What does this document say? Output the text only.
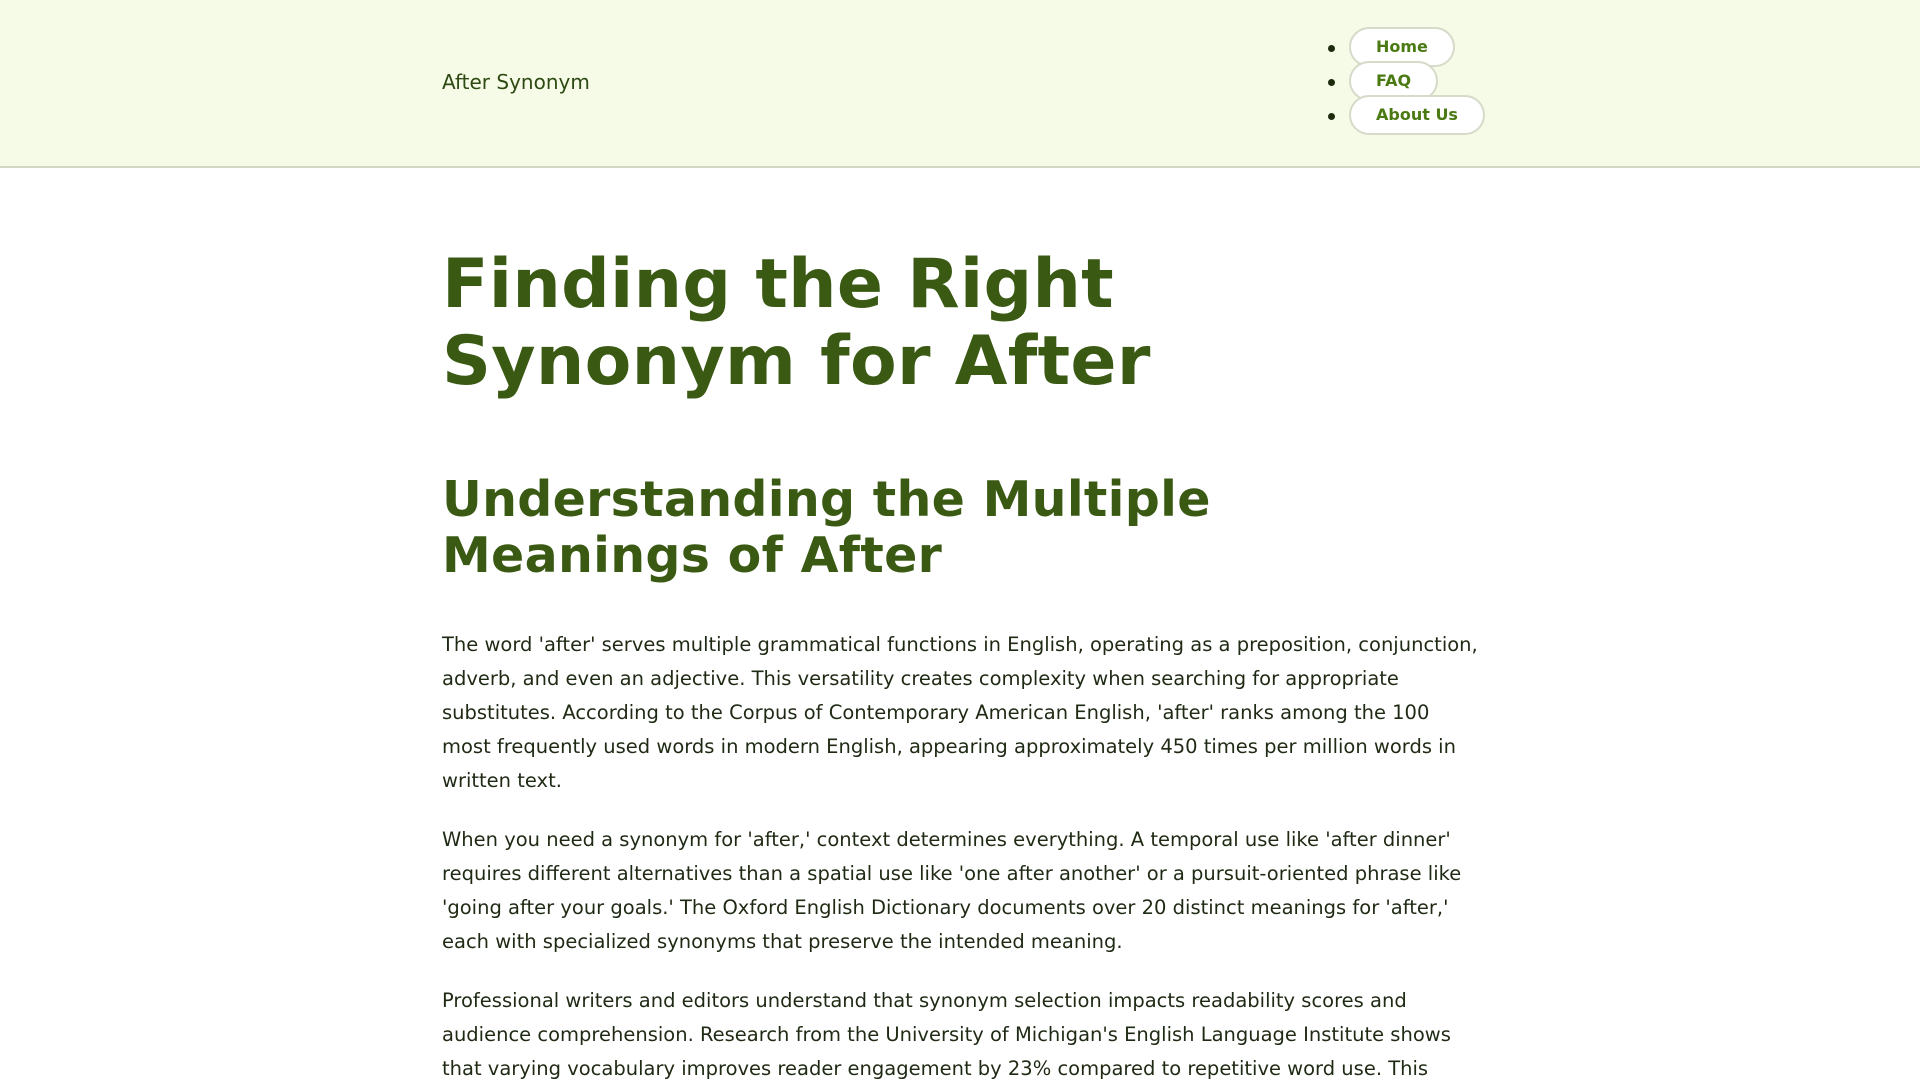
After Synonym
Home
FAQ
About Us
Finding the Right Synonym for After
Understanding the Multiple Meanings of After

The word 'after' serves multiple grammatical functions in English, operating as a preposition, conjunction, adverb, and even an adjective. This versatility creates complexity when searching for appropriate substitutes. According to the Corpus of Contemporary American English, 'after' ranks among the 100 most frequently used words in modern English, appearing approximately 450 times per million words in written text.

When you need a synonym for 'after,' context determines everything. A temporal use like 'after dinner' requires different alternatives than a spatial use like 'one after another' or a pursuit-oriented phrase like 'going after your goals.' The Oxford English Dictionary documents over 20 distinct meanings for 'after,' each with specialized synonyms that preserve the intended meaning.

Professional writers and editors understand that synonym selection impacts readability scores and audience comprehension. Research from the University of Michigan's English Language Institute shows that varying vocabulary improves reader engagement by 23% compared to repetitive word use. This
